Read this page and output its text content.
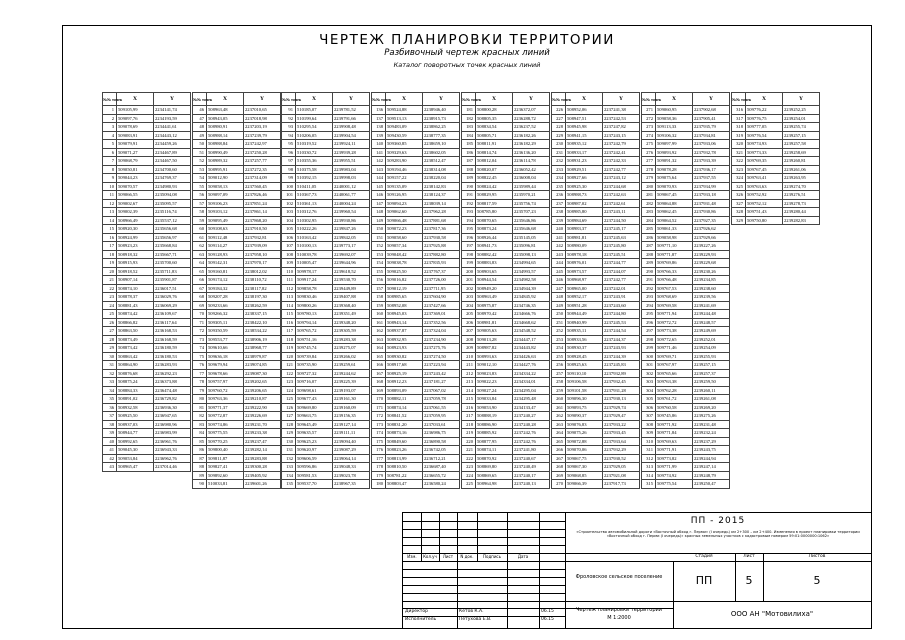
ЧЕРТЕЖ ПЛАНИРОВКИ ТЕРРИТОРИИ
Разбивочный чертеж красных линий
Каталог поворотных точек красных линий
№№ точек	X	Y
1	509105,99	2234141,74
2	509097,76	2234193,59
3	509078,69	2234441,61
4	509083,91	2234443,12
5	509079,91	2234459,26
6	509071,27	2234467,89
7	509068,79	2234467,50
8	509050,81	2234700,60
9	509044,23	2234769,37
10	509070,57	2234980,93
11	509066,55	2235094,08
12	509002,67	2235095,57
13	509002,39	2235116,74
14	508966,49	2235537,12
15	508920,30	2235656,68
16	508924,99	2235656,97
17	508923,23	2235668,84
18	508918,32	2235667,71
19	508915,93	2235700,60
20	508918,52	2235711,83
21	508907,14	2235901,87
22	508874,10	2236017,51
23	508878,37	2236029,76
24	508881,43	2236069,29
25	508874,42	2236109,67
26	508866,82	2236117,64
27	508863,50	2236168,53
28	508873,49	2236168,59
29	508873,42	2236180,59
30	508863,42	2236180,53
31	508864,90	2236283,93
32	508876,68	2236292,23
33	508875,24	2236373,88
34	508884,33	2236474,48
35	508891,02	2236729,82
36	508932,58	2236936,30
37	508925,50	2236947,65
38	508937,03	2236980,96
39	508944,77	2236983,99
40	508992,65	2236961,76
41	509045,30	2236943,33
42	509053,84	2236962,76
43	508965,47	2237014,46
№№ точек	X	Y
46	508963,48	2237010,65
47	508943,05	2237018,98
48	508980,91	2237203,19
49	508988,14	2237239,79
50	508988,84	2237242,97
51	508990,49	2237250,28
52	508989,32	2237257,77
53	508995,91	2237272,35
54	509012,90	2237314,09
55	509058,13	2237560,45
56	509097,09	2237826,46
57	509106,23	2237851,24
58	509103,12	2237861,14
59	509095,49	2237868,20
60	509108,63	2237910,50
61	509112,48	2237932,81
62	509114,27	2237939,09
63	509128,93	2237958,10
64	509142,31	2237970,17
65	509160,81	2238012,02
66	509174,12	2238110,72
67	509184,32	2238117,82
68	509207,28	2238197,30
69	509233,66	2238262,59
70	509266,32	2238337,15
71	509305,11	2238422,10
72	509350,59	2238534,22
73	509553,77	2238906,19
74	509610,66	2238968,77
75	509636,18	2238979,87
76	509679,94	2239074,85
77	509678,66	2239087,30
78	509757,97	2239202,65
79	509760,72	2239206,65
80	509763,36	2239210,87
81	509771,37	2239222,90
82	509772,87	2239226,69
83	509774,86	2239231,70
84	509775,55	2239233,38
85	509770,25	2239237,47
86	509800,40	2239282,14
87	509811,87	2239283,88
88	509827,41	2239300,28
89	509892,60	2239405,92
90	510033,81	2239601,26
№№ точек	X	Y
91	510185,07	2239781,52
92	510199,64	2239791,66
93	510295,54	2239908,48
94	510206,05	2239904,54
95	510319,52	2239924,11
96	510330,72	2239939,28
97	510355,36	2239955,51
98	510375,58	2239983,04
99	510392,15	2239998,03
100	510411,05	2240001,12
101	510367,73	2240061,77
102	510361,13	2240004,24
103	510312,76	2239960,54
104	510302,95	2239930,86
105	510222,26	2239847,26
106	510163,42	2239842,05
107	510100,13	2239773,17
108	510039,78	2239692,07
109	510005,47	2239644,96
110	509978,17	2239618,52
111	509917,24	2239530,70
112	509858,78	2239449,89
113	509830,46	2239407,88
114	509800,26	2239368,40
115	509780,13	2239351,49
116	509794,14	2239348,20
117	509765,72	2239305,59
118	509751,16	2239283,38
119	509745,74	2239275,07
120	509739,84	2239266,02
121	509735,90	2239259,61
122	509727,32	2239244,62
123	509716,07	2239225,39
124	509698,61	2239193,07
125	509677,43	2239161,30
126	509669,80	2239160,09
127	509663,75	2239156,35
128	509645,49	2239127,14
129	509635,57	2239111,11
130	509625,23	2239094,40
131	509620,97	2239087,29
132	509606,59	2239064,14
133	509596,86	2239048,33
134	509581,53	2239023,78
135	509537,70	2238967,35
№№ точек	X	Y
136	509524,88	2238946,40
137	509513,13	2238915,73
138	509483,09	2238862,25
139	509430,59	2238777,35
140	509360,85	2238659,10
141	509329,63	2238602,05
142	509283,90	2238512,47
143	509194,46	2238314,08
144	509157,22	2238220,04
145	509135,09	2238142,83
146	509126,95	2238124,37
147	509094,23	2238039,14
148	509062,60	2237962,28
149	509066,48	2237881,68
150	509072,23	2237817,36
151	509058,60	2237930,58
152	509057,34	2237925,88
153	509048,42	2237882,80
154	509038,78	2237835,93
155	509025,50	2237767,37
156	509016,82	2237726,00
157	509012,19	2237711,95
158	508985,65	2237604,90
159	508952,08	2237427,66
160	508945,03	2237369,01
161	508943,14	2237352,56
162	508937,87	2237324,04
163	508932,95	2237234,90
164	508923,93	2237275,76
165	508930,82	2237274,50
166	508917,68	2237223,94
167	508925,19	2237243,42
168	508912,23	2237181,27
169	508893,09	2237067,02
170	508882,11	2237059,78
171	508874,14	2237061,55
172	508841,52	2237059,95
173	508831,20	2237033,61
174	508873,16	2236986,75
175	508849,60	2236890,58
176	508823,26	2236742,05
177	508813,99	2236712,21
178	508810,50	2236687,40
179	508781,22	2236655,72
180	508803,47	2236580,24
№№ точек	X	Y
181	508800,28	2236372,07
182	508805,35	2236288,72
183	508834,54	2236237,52
184	508805,71	2236182,26
185	508811,91	2236182,29
186	508814,74	2236136,20
187	508812,04	2236114,78
188	508820,07	2236052,42
189	508822,45	2236008,04
190	508824,42	2235989,44
191	508829,95	2235970,21
192	508817,59	2235756,74
193	508785,80	2235707,23
194	508870,65	2235646,86
195	508873,24	2235646,68
196	508926,44	2235145,05
197	508941,73	2235096,81
198	508882,42	2235098,13
199	508883,83	2234994,65
200	508903,65	2234993,57
201	508944,54	2234982,58
202	508949,20	2234944,39
203	508963,49	2234845,92
204	508975,87	2234746,35
205	508970,42	2234666,76
206	508981,81	2234668,62
207	509005,63	2234548,52
208	509013,28	2234447,17
209	508987,82	2234443,82
210	508993,63	2234426,63
211	509012,10	2234427,76
212	509023,83	2234334,22
213	509022,23	2234334,01
214	509027,24	2234295,04
215	509033,84	2234295,48
216	509053,90	2234133,47
217	508888,19	2237240,27
218	508886,90	2237240,28
219	508885,92	2237242,76
220	508877,95	2237242,76
221	508874,11	2237241,80
222	508870,92	2237240,67
223	508869,80	2237240,49
224	508869,65	2237240,17
225	508964,98	2237240,13
№№ точек	X	Y
226	508952,06	2237241,38
227	508947,51	2237242,53
228	508945,98	2237247,82
229	508941,15	2237243,15
230	508935,12	2237242,79
231	508933,17	2237242,41
232	508931,23	2237242,33
233	508929,51	2237242,77
234	508927,66	2237243,12
235	508925,30	2237244,68
236	508988,73	2237242,63
237	508987,02	2237242,61
238	508985,80	2237243,11
239	508984,69	2237244,50
240	508983,37	2237245,17
241	508981,81	2237245,63
242	508980,09	2237245,80
243	508978,18	2237245,51
244	508976,01	2237244,77
245	508973,57	2237244,07
246	508968,97	2237242,77
247	508965,00	2237242,01
248	508952,17	2237243,91
249	508951,28	2237243,60
250	508944,49	2237244,80
251	508940,99	2237245,53
252	508935,11	2237244,54
253	508933,56	2237244,37
254	508930,37	2237243,93
255	508928,45	2237244,39
256	508925,63	2237245,83
257	509110,10	2237932,89
258	509106,58	2237932,45
259	509101,58	2237931,28
260	509096,30	2237930,13
261	509093,75	2237929,74
262	509090,37	2237929,47
263	509076,83	2237933,22
264	509075,26	2237933,45
265	509072,88	2237933,64
266	509070,06	2237932,29
267	509067,75	2237930,52
268	509067,30	2237929,05
269	509068,85	2237921,08
270	509066,39	2237917,73
№№ точек	X	Y
271	509060,95	2237902,68
272	509058,36	2237905,41
273	509113,33	2237935,79
274	509106,32	2237934,81
275	509097,99	2237933,06
276	509093,92	2237932,78
277	509091,32	2237933,39
278	509078,28	2237936,17
279	509075,64	2237937,55
280	509070,93	2237934,99
281	509067,45	2237933,18
282	509064,88	2237931,48
283	509062,45	2237930,86
284	509064,52	2237927,35
285	509061,33	2237926,62
286	509058,98	2237929,66
287	509771,10	2239227,26
288	509771,87	2239229,93
289	509769,86	2239229,68
290	509766,33	2239230,26
291	509766,48	2239234,85
292	509767,53	2239238,60
293	509768,69	2239239,56
294	509769,58	2239241,69
295	509771,94	2239244,48
296	509772,72	2239248,57
297	509773,38	2239249,69
298	509772,65	2239252,01
299	509771,46	2239254,09
300	509769,71	2239255,93
301	509767,97	2239257,15
302	509765,66	2239257,37
303	509763,38	2239259,50
304	509762,28	2239260,11
305	509761,72	2239261,08
306	509760,58	2239269,20
307	509745,86	2239275,26
308	509771,92	2239231,48
309	509771,84	2239232,24
310	509769,63	2239237,29
311	509771,91	2239243,75
312	509773,82	2239244,94
313	509771,99	2239247,14
314	509774,92	2239248,79
315	509775,54	2239250,47
№№ точек	X	Y
316	509776,22	2239252,25
317	509776,75	2239254,01
318	509777,05	2239255,74
319	509776,54	2239257,15
320	509774,93	2239257,58
321	509773,33	2239258,69
322	509769,35	2239260,81
323	509767,45	2239261,06
324	509763,41	2239263,95
325	509763,63	2239274,70
326	509752,92	2239276,51
327	509752,12	2239278,73
328	509751,43	2239280,44
329	509750,80	2239282,83
ПП - 2015
«Строительство автомобильной дороги «Восточный обход г. Перми» (I очередь) км 2+300 – км 2+400. Изменения в проект планировки территории «Восточный обход г. Перми (I очередь)» красных земельных участков с кадастровым номером 59:01:0000000:1062»
Фроловское сельское поселение
Стадия	Лист	Листов
ПП	5	5
Чертеж планировки территории
М 1:2000	ООО АН "Мотовилиха"
Изм.	Кол.уч	Лист	N док.	Подпись	Дата
Директор	Кетов К.А.	06.15
Исполнитель	Петухова Е.В.	06.15
